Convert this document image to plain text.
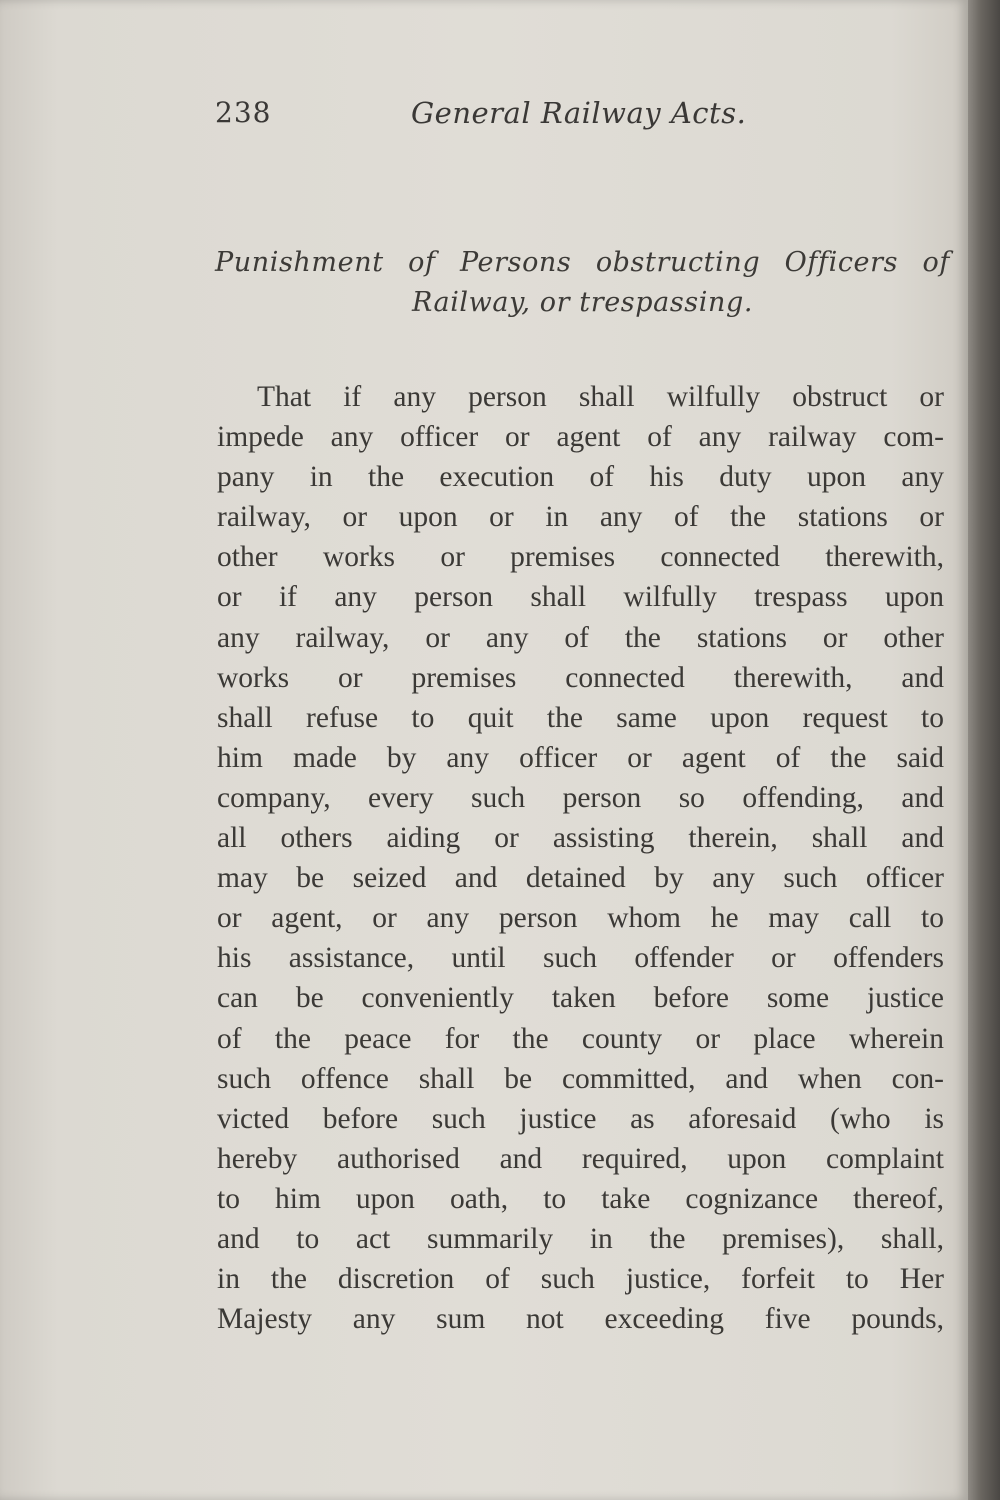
238	General Railway Acts.
Punishment of Persons obstructing Officers of
Railway, or trespassing.
That if any person shall wilfully obstruct or
impede any officer or agent of any railway com-
pany in the execution of his duty upon any
railway, or upon or in any of the stations or
other works or premises connected therewith,
or if any person shall wilfully trespass upon
any railway, or any of the stations or other
works or premises connected therewith, and
shall refuse to quit the same upon request to
him made by any officer or agent of the said
company, every such person so offending, and
all others aiding or assisting therein, shall and
may be seized and detained by any such officer
or agent, or any person whom he may call to
his assistance, until such offender or offenders
can be conveniently taken before some justice
of the peace for the county or place wherein
such offence shall be committed, and when con-
victed before such justice as aforesaid (who is
hereby authorised and required, upon complaint
to him upon oath, to take cognizance thereof,
and to act summarily in the premises), shall,
in the discretion of such justice, forfeit to Her
Majesty any sum not exceeding five pounds,
